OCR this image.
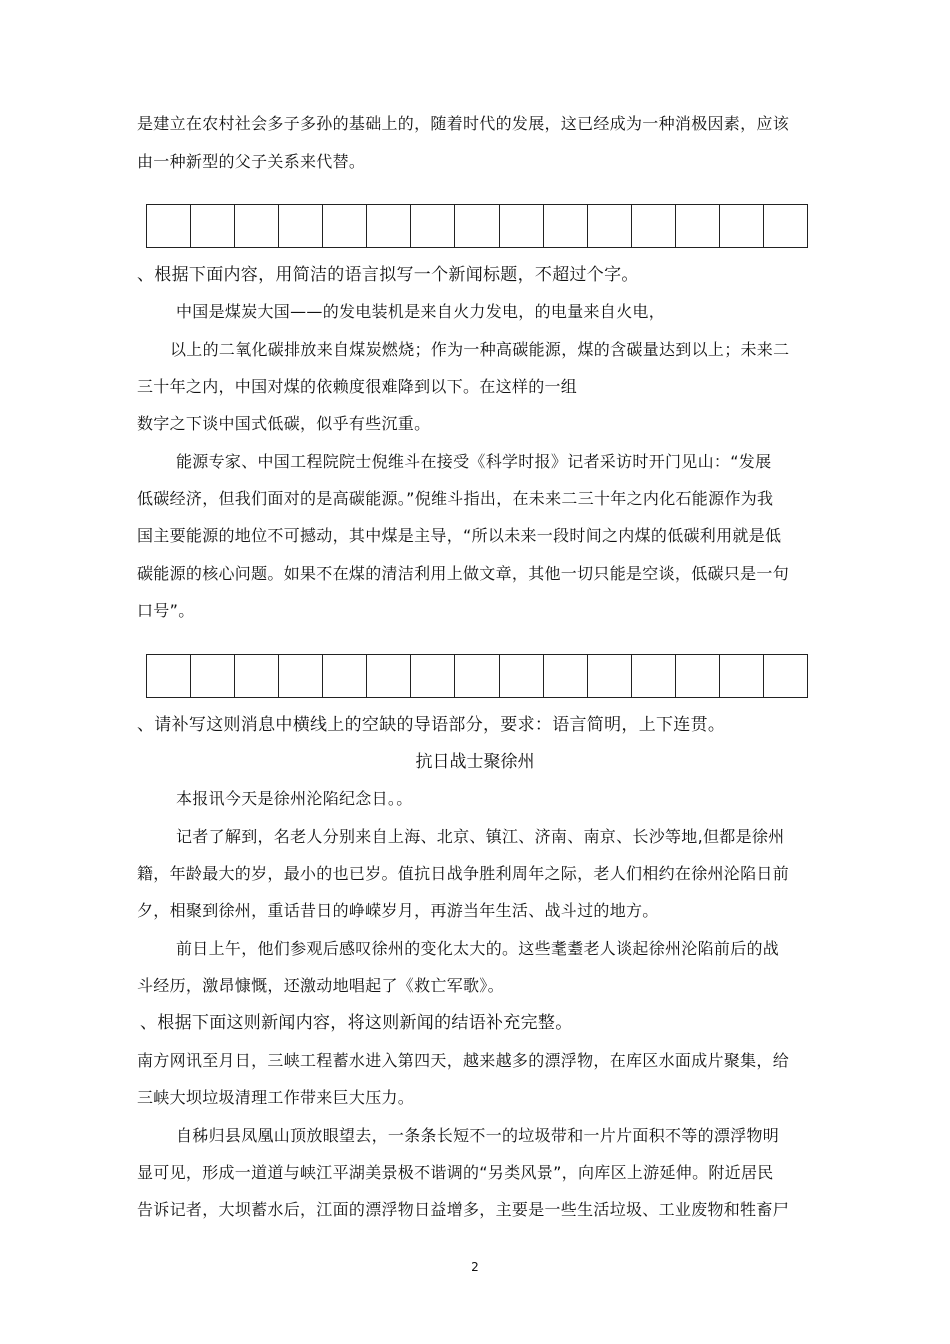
是建立在农村社会多子多孙的基础上的，随着时代的发展，这已经成为一种消极因素，应该
由一种新型的父子关系来代替。
、根据下面内容，用简洁的语言拟写一个新闻标题，不超过个字。
中国是煤炭大国——的发电装机是来自火力发电，的电量来自火电，
以上的二氧化碳排放来自煤炭燃烧；作为一种高碳能源，煤的含碳量达到以上；未来二
三十年之内，中国对煤的依赖度很难降到以下。在这样的一组
数字之下谈中国式低碳，似乎有些沉重。
能源专家、中国工程院院士倪维斗在接受《科学时报》记者采访时开门见山：“发展
低碳经济，但我们面对的是高碳能源。”倪维斗指出，在未来二三十年之内化石能源作为我
国主要能源的地位不可撼动，其中煤是主导，“所以未来一段时间之内煤的低碳利用就是低
碳能源的核心问题。如果不在煤的清洁利用上做文章，其他一切只能是空谈，低碳只是一句
口号”。
、请补写这则消息中横线上的空缺的导语部分，要求：语言简明，上下连贯。
抗日战士聚徐州
本报讯今天是徐州沦陷纪念日。。
记者了解到，名老人分别来自上海、北京、镇江、济南、南京、长沙等地,但都是徐州
籍，年龄最大的岁，最小的也已岁。值抗日战争胜利周年之际，老人们相约在徐州沦陷日前
夕，相聚到徐州，重话昔日的峥嵘岁月，再游当年生活、战斗过的地方。
前日上午，他们参观后感叹徐州的变化太大的。这些耄耋老人谈起徐州沦陷前后的战
斗经历，激昂慷慨，还激动地唱起了《救亡军歌》。
、根据下面这则新闻内容，将这则新闻的结语补充完整。
南方网讯至月日，三峡工程蓄水进入第四天，越来越多的漂浮物，在库区水面成片聚集，给
三峡大坝垃圾清理工作带来巨大压力。
自秭归县凤凰山顶放眼望去，一条条长短不一的垃圾带和一片片面积不等的漂浮物明
显可见，形成一道道与峡江平湖美景极不谐调的“另类风景”，向库区上游延伸。附近居民
告诉记者，大坝蓄水后，江面的漂浮物日益增多，主要是一些生活垃圾、工业废物和牲畜尸
2
